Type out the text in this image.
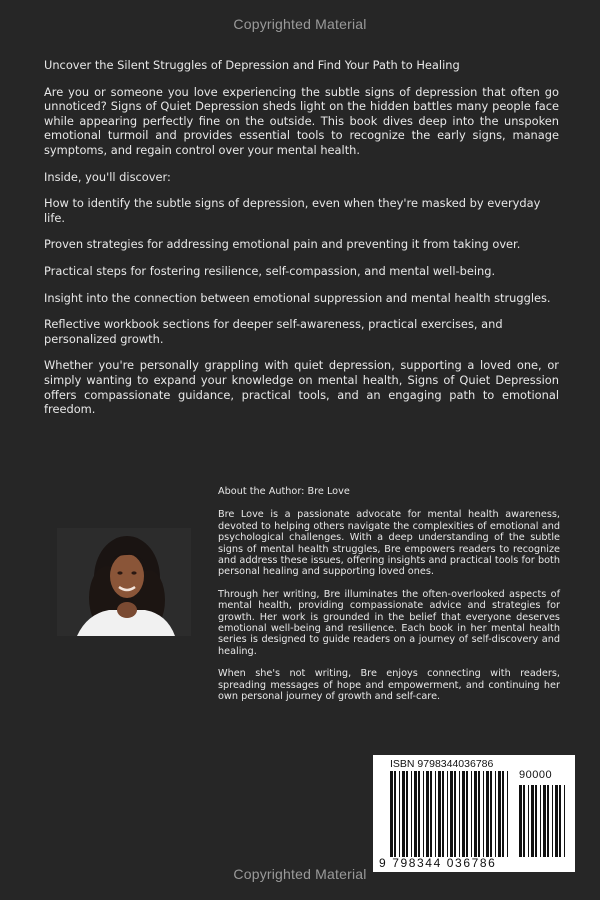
Copyrighted Material

Uncover the Silent Struggles of Depression and Find Your Path to Healing

Are you or someone you love experiencing the subtle signs of depression that often go unnoticed? Signs of Quiet Depression sheds light on the hidden battles many people face while appearing perfectly fine on the outside. This book dives deep into the unspoken emotional turmoil and provides essential tools to recognize the early signs, manage symptoms, and regain control over your mental health.

Inside, you'll discover:

How to identify the subtle signs of depression, even when they're masked by everyday life.

Proven strategies for addressing emotional pain and preventing it from taking over.

Practical steps for fostering resilience, self-compassion, and mental well-being.

Insight into the connection between emotional suppression and mental health struggles.

Reflective workbook sections for deeper self-awareness, practical exercises, and personalized growth.

Whether you're personally grappling with quiet depression, supporting a loved one, or simply wanting to expand your knowledge on mental health, Signs of Quiet Depression offers compassionate guidance, practical tools, and an engaging path to emotional freedom.

About the Author: Bre Love

Bre Love is a passionate advocate for mental health awareness, devoted to helping others navigate the complexities of emotional and psychological challenges. With a deep understanding of the subtle signs of mental health struggles, Bre empowers readers to recognize and address these issues, offering insights and practical tools for both personal healing and supporting loved ones.

Through her writing, Bre illuminates the often-overlooked aspects of mental health, providing compassionate advice and strategies for growth. Her work is grounded in the belief that everyone deserves emotional well-being and resilience. Each book in her mental health series is designed to guide readers on a journey of self-discovery and healing.

When she's not writing, Bre enjoys connecting with readers, spreading messages of hope and empowerment, and continuing her own personal journey of growth and self-care.

ISBN 9798344036786
90000
9 798344 036786
Copyrighted Material
